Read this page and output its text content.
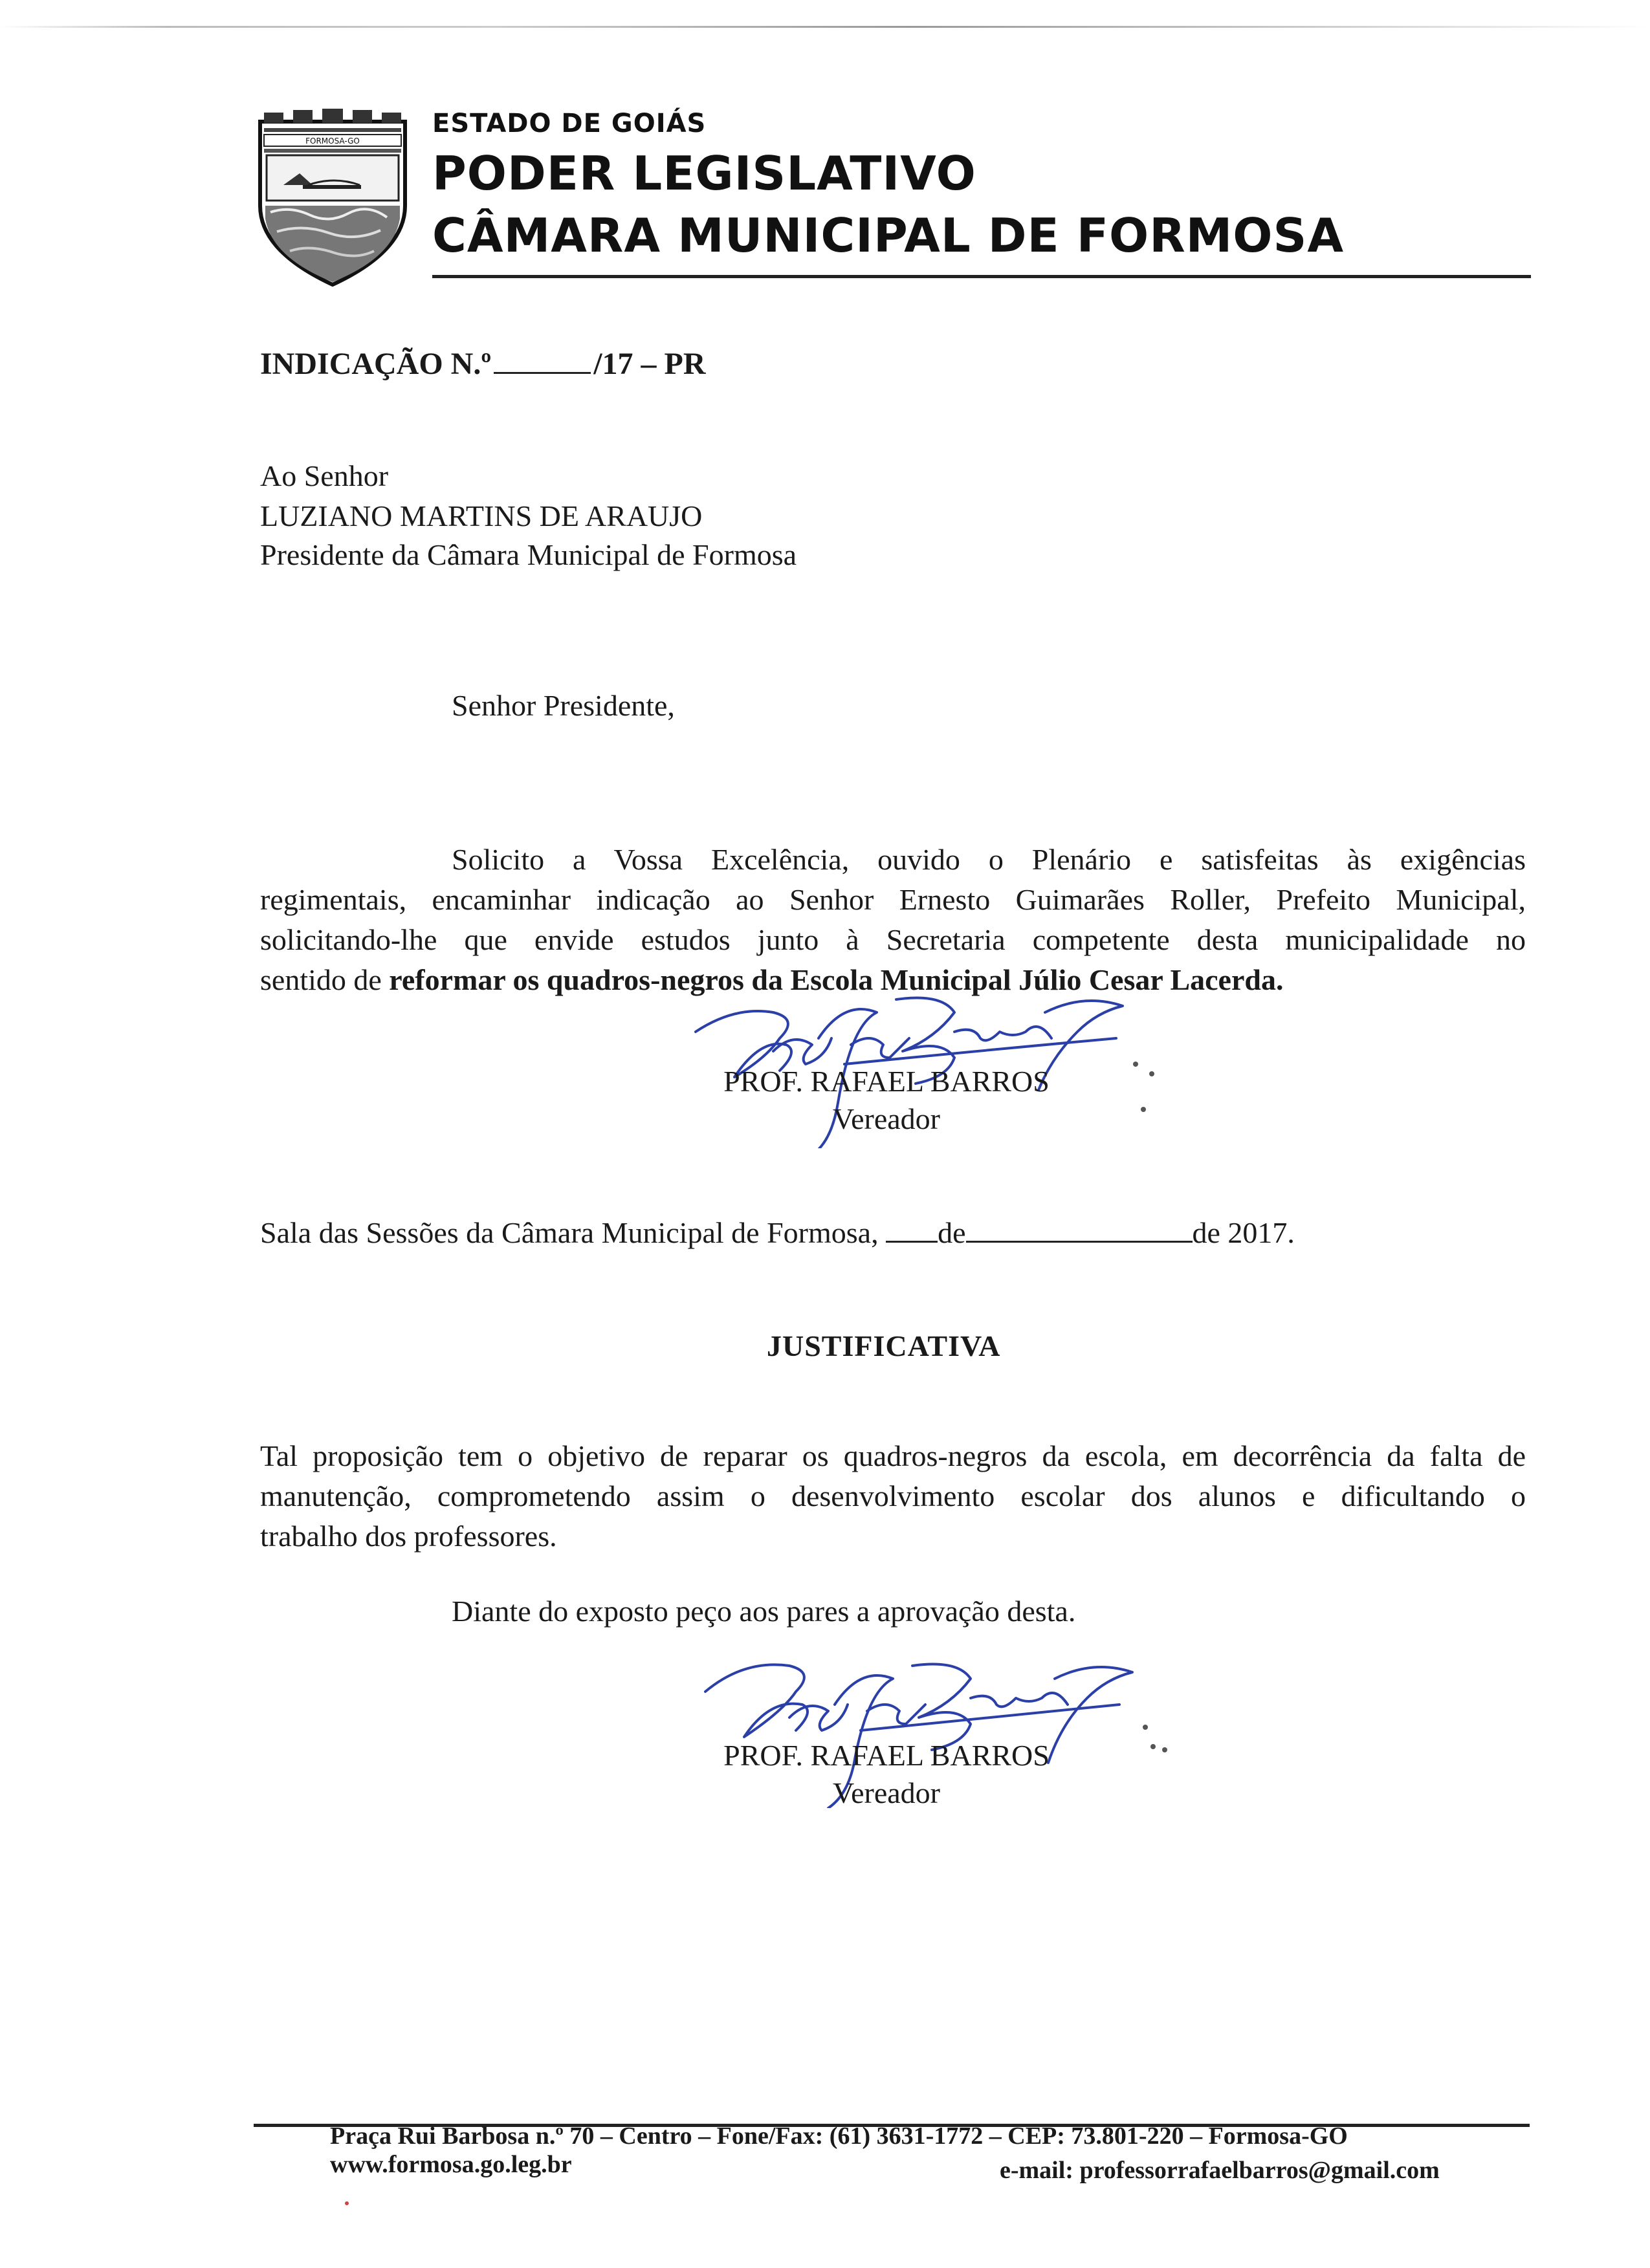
FORMOSA-GO
ESTADO DE GOIÁS
PODER LEGISLATIVO
CÂMARA MUNICIPAL DE FORMOSA
INDICAÇÃO N.º	/17 – PR
Ao Senhor
LUZIANO MARTINS DE ARAUJO
Presidente da Câmara Municipal de Formosa
Senhor Presidente,
Solicito a Vossa Excelência, ouvido o Plenário e satisfeitas às exigências
regimentais, encaminhar indicação ao Senhor Ernesto Guimarães Roller, Prefeito Municipal,
solicitando-lhe que envide estudos junto à Secretaria competente desta municipalidade no
sentido de reformar os quadros-negros da Escola Municipal Júlio Cesar Lacerda.
PROF. RAFAEL BARROS
Vereador
Sala das Sessões da Câmara Municipal de Formosa, de	de 2017.
JUSTIFICATIVA
Tal proposição tem o objetivo de reparar os quadros-negros da escola, em decorrência da falta de
manutenção, comprometendo assim o desenvolvimento escolar dos alunos e dificultando o
trabalho dos professores.
Diante do exposto peço aos pares a aprovação desta.
PROF. RAFAEL BARROS
Vereador
Praça Rui Barbosa n.º 70 – Centro – Fone/Fax: (61) 3631-1772 – CEP: 73.801-220 – Formosa-GO
www.formosa.go.leg.br	e-mail: professorrafaelbarros@gmail.com
